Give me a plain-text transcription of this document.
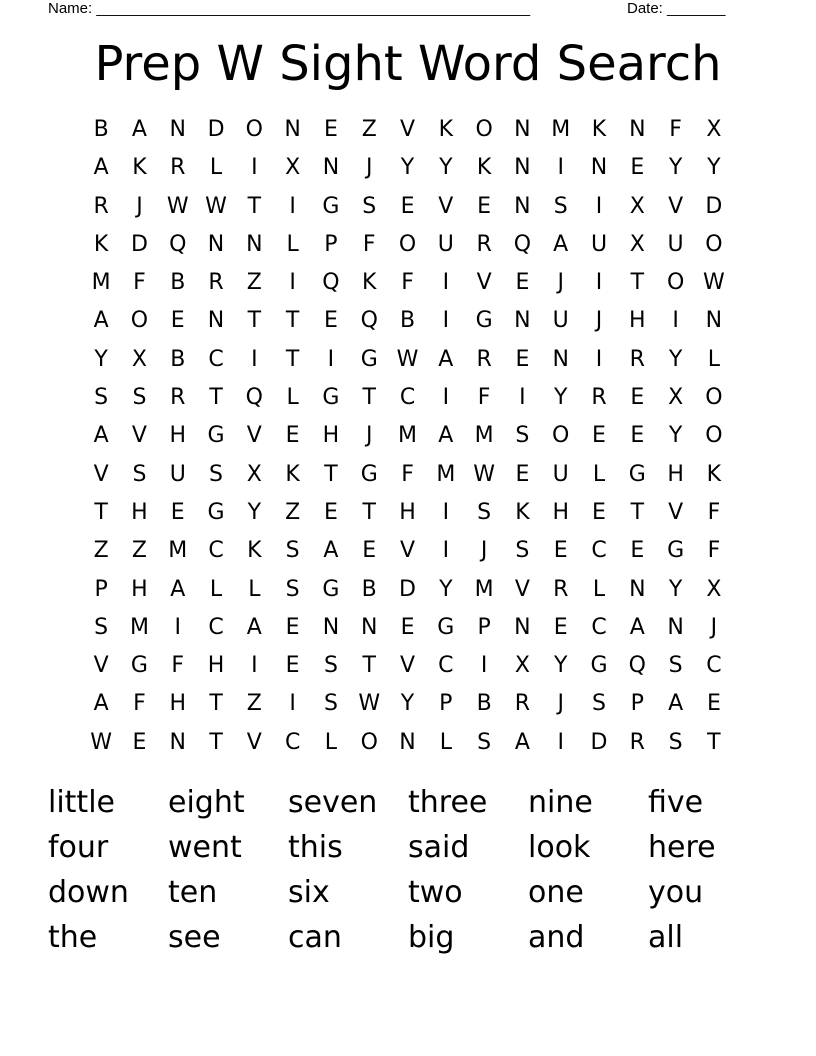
Name: ____________________________________________________

	Date: _______

Prep W Sight Word Search
B	A	N D O N	E	Z	V	K	O N M K	N	F	X
A	K	R	L	I	X	N	J	Y	Y	K	N	I	N	E	Y	Y
R	J	W W T	I	G	S	E	V	E	N	S	I	X	V	D
K	D Q N N	L	P	F	O U	R Q	A	U	X	U O
M	F	B	R	Z	I	Q	K	F	I	V	E	J	I	T	O W
A	O	E	N	T	T	E	Q	B	I	G N	U	J	H	I	N
Y	X	B	C	I	T	I	G W A	R	E	N	I	R	Y	L
S	S	R	T	Q	L	G	T	C	I	F	I	Y	R	E	X	O
A	V	H G	V	E	H	J	M A M S	O	E	E	Y	O
V	S	U	S	X	K	T	G	F	M W E	U	L	G H	K
T	H	E	G	Y	Z	E	T	H	I	S	K	H	E	T	V	F
Z	Z M C	K	S	A	E	V	I	J	S	E	C	E	G	F
P	H	A	L	L	S	G	B	D	Y	M V	R	L	N	Y	X
S M	I	C	A	E	N N	E	G	P	N	E	C	A	N	J
V	G	F	H	I	E	S	T	V	C	I	X	Y	G Q	S	C
A	F	H	T	Z	I	S W Y	P	B	R	J	S	P	A	E
W E	N	T	V	C	L	O N	L	S	A	I	D	R	S	T
little	eight	seven	three	nine	five
four	went	this	said	look	here
down	ten	six	two	one	you
the	see	can	big	and	all
